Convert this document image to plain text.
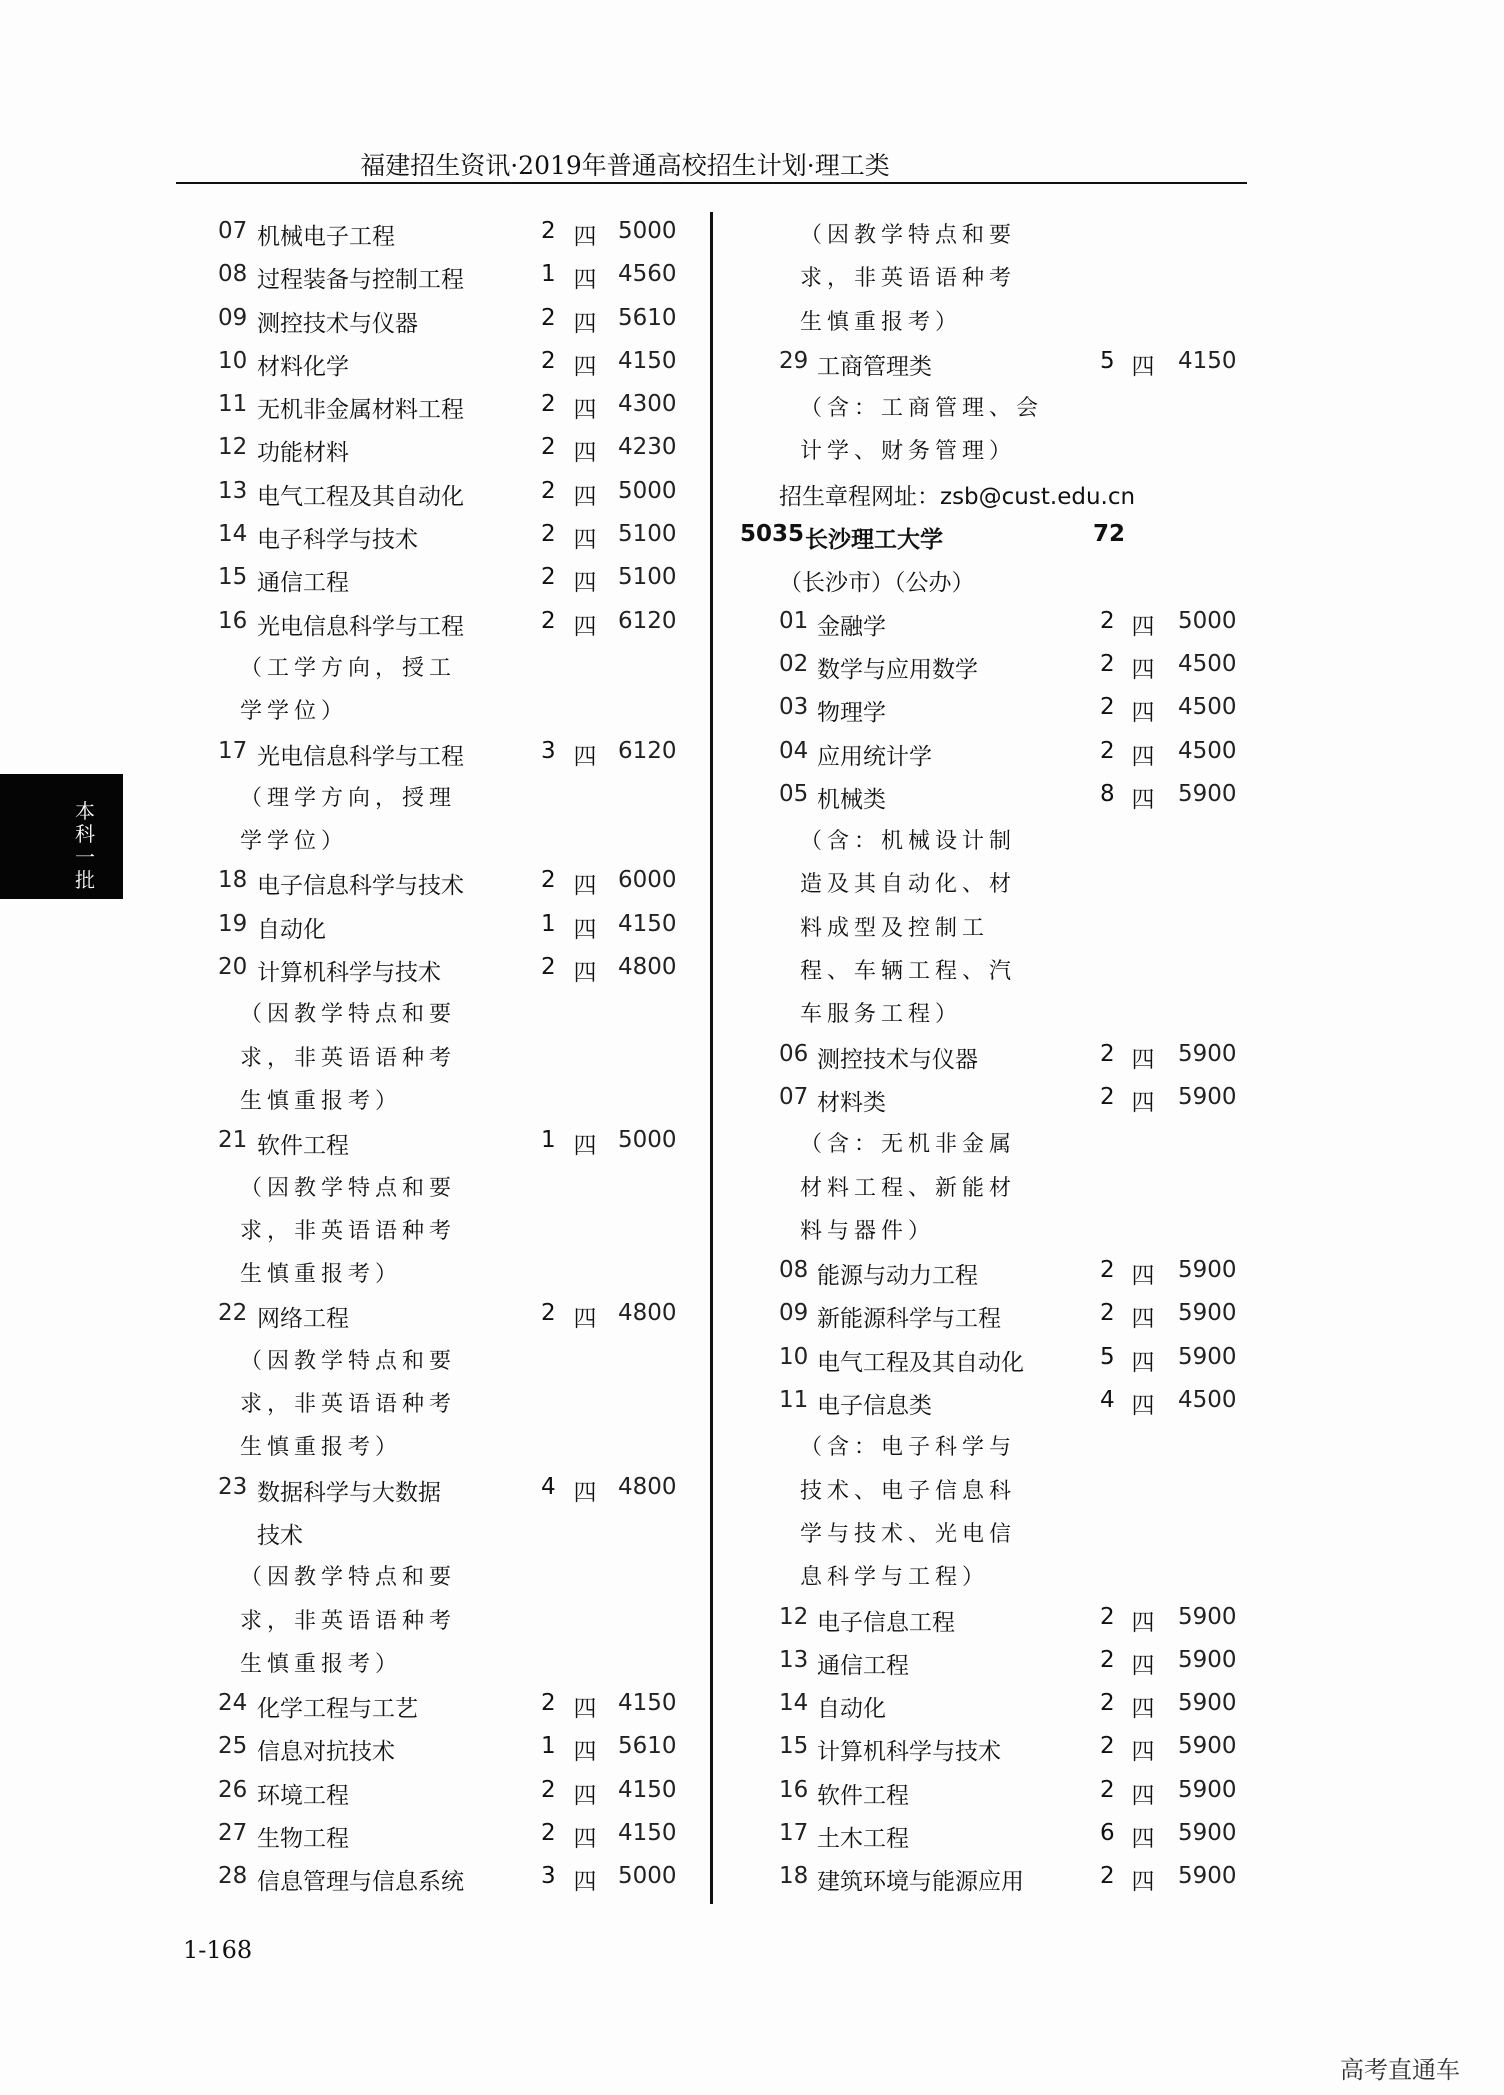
福建招生资讯·2019年普通高校招生计划·理工类
本科一批
07 机械电子工程	2 四 5000
08 过程装备与控制工程	1 四 4560
09 测控技术与仪器	2 四 5610
10 材料化学	2 四 4150
11 无机非金属材料工程	2 四 4300
12 功能材料	2 四 4230
13 电气工程及其自动化	2 四 5000
14 电子科学与技术	2 四 5100
15 通信工程	2 四 5100
16 光电信息科学与工程	2 四 6120
（工学方向，授工
学学位）
17 光电信息科学与工程	3 四 6120
（理学方向，授理
学学位）
18 电子信息科学与技术	2 四 6000
19 自动化	1 四 4150
20 计算机科学与技术	2 四 4800
（因教学特点和要
求，非英语语种考
生慎重报考）
21 软件工程	1 四 5000
（因教学特点和要
求，非英语语种考
生慎重报考）
22 网络工程	2 四 4800
（因教学特点和要
求，非英语语种考
生慎重报考）
23 数据科学与大数据	4 四 4800
技术
（因教学特点和要
求，非英语语种考
生慎重报考）
24 化学工程与工艺	2 四 4150
25 信息对抗技术	1 四 5610
26 环境工程	2 四 4150
27 生物工程	2 四 4150
28 信息管理与信息系统	3 四 5000
（因教学特点和要
求，非英语语种考
生慎重报考）
29 工商管理类	5 四 4150
（含：工商管理、会
计学、财务管理）
招生章程网址：zsb@cust.edu.cn
5035 长沙理工大学	72
（长沙市）（公办）
01 金融学	2 四 5000
02 数学与应用数学	2 四 4500
03 物理学	2 四 4500
04 应用统计学	2 四 4500
05 机械类	8 四 5900
（含：机械设计制
造及其自动化、材
料成型及控制工
程、车辆工程、汽
车服务工程）
06 测控技术与仪器	2 四 5900
07 材料类	2 四 5900
（含：无机非金属
材料工程、新能材
料与器件）
08 能源与动力工程	2 四 5900
09 新能源科学与工程	2 四 5900
10 电气工程及其自动化	5 四 5900
11 电子信息类	4 四 4500
（含：电子科学与
技术、电子信息科
学与技术、光电信
息科学与工程）
12 电子信息工程	2 四 5900
13 通信工程	2 四 5900
14 自动化	2 四 5900
15 计算机科学与技术	2 四 5900
16 软件工程	2 四 5900
17 土木工程	6 四 5900
18 建筑环境与能源应用	2 四 5900
1-168
高考直通车
